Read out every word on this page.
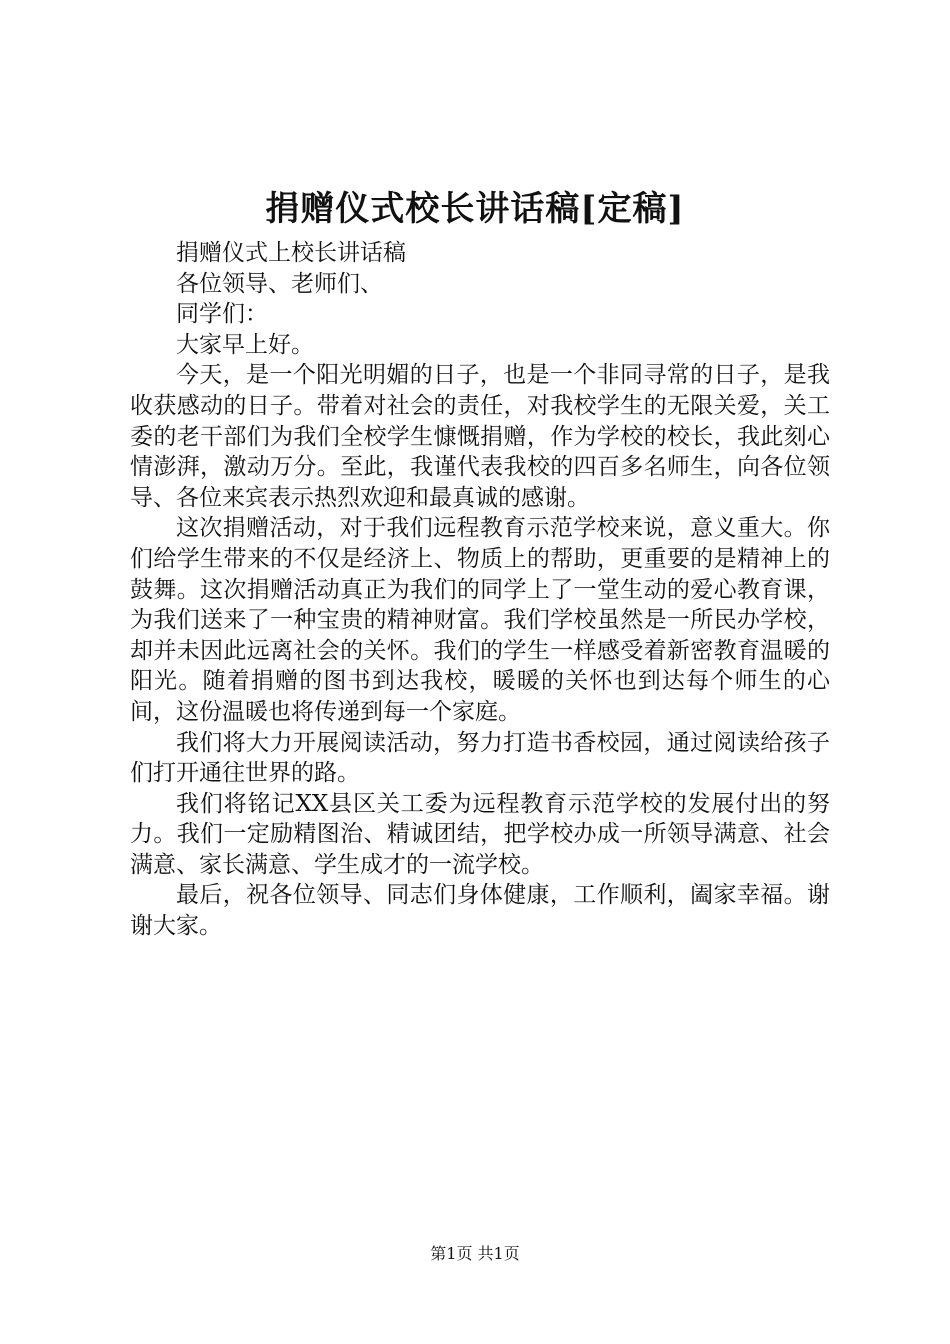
捐赠仪式校长讲话稿[定稿]

捐赠仪式上校长讲话稿

各位领导、老师们、

同学们：

大家早上好。

今天，是一个阳光明媚的日子，也是一个非同寻常的日子，是我收获感动的日子。带着对社会的责任，对我校学生的无限关爱，关工委的老干部们为我们全校学生慷慨捐赠，作为学校的校长，我此刻心情澎湃，激动万分。至此，我谨代表我校的四百多名师生，向各位领导、各位来宾表示热烈欢迎和最真诚的感谢。

这次捐赠活动，对于我们远程教育示范学校来说，意义重大。你们给学生带来的不仅是经济上、物质上的帮助，更重要的是精神上的鼓舞。这次捐赠活动真正为我们的同学上了一堂生动的爱心教育课，为我们送来了一种宝贵的精神财富。我们学校虽然是一所民办学校，却并未因此远离社会的关怀。我们的学生一样感受着新密教育温暖的阳光。随着捐赠的图书到达我校，暖暖的关怀也到达每个师生的心间，这份温暖也将传递到每一个家庭。

我们将大力开展阅读活动，努力打造书香校园，通过阅读给孩子们打开通往世界的路。

我们将铭记XX县区关工委为远程教育示范学校的发展付出的努力。我们一定励精图治、精诚团结，把学校办成一所领导满意、社会满意、家长满意、学生成才的一流学校。

最后，祝各位领导、同志们身体健康，工作顺利，阖家幸福。谢谢大家。

第1页 共1页
